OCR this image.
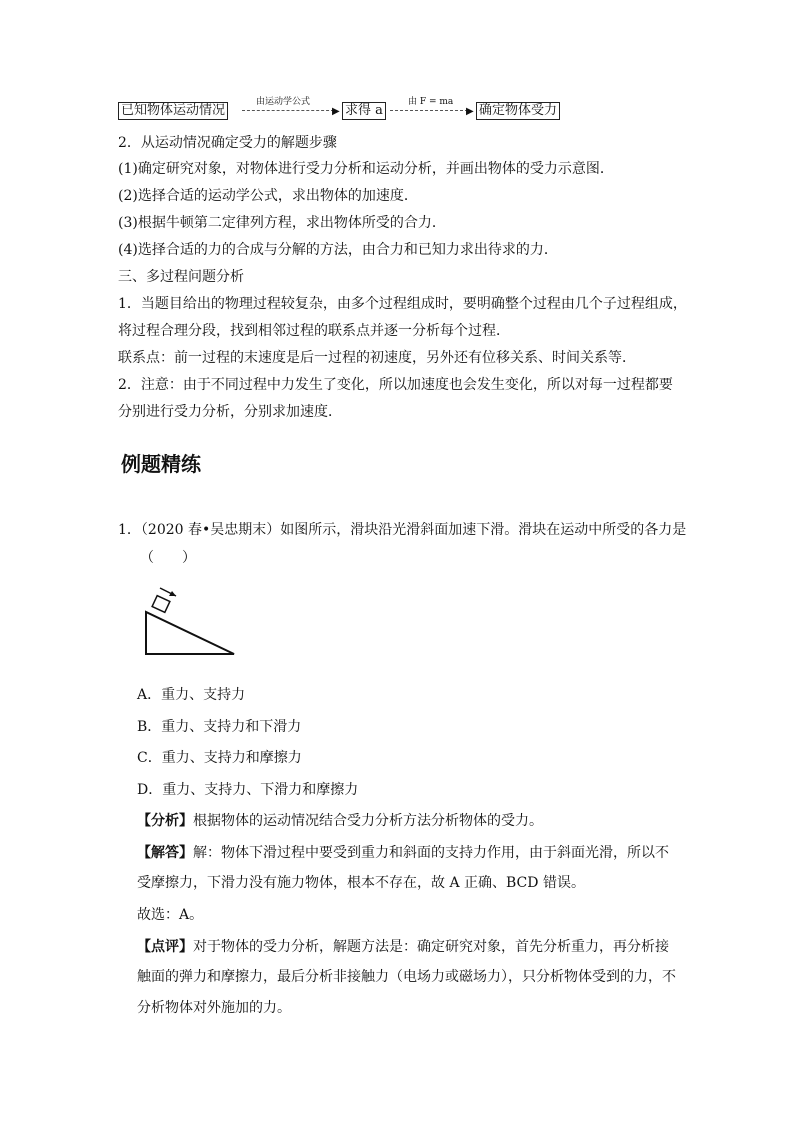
已知物体运动情况
由运动学公式
▶ 求得 a
由 F = ma
▶ 确定物体受力
2．从运动情况确定受力的解题步骤
(1)确定研究对象，对物体进行受力分析和运动分析，并画出物体的受力示意图．
(2)选择合适的运动学公式，求出物体的加速度．
(3)根据牛顿第二定律列方程，求出物体所受的合力．
(4)选择合适的力的合成与分解的方法，由合力和已知力求出待求的力．
三、多过程问题分析
1．当题目给出的物理过程较复杂，由多个过程组成时，要明确整个过程由几个子过程组成，
将过程合理分段，找到相邻过程的联系点并逐一分析每个过程．
联系点：前一过程的末速度是后一过程的初速度，另外还有位移关系、时间关系等．
2．注意：由于不同过程中力发生了变化，所以加速度也会发生变化，所以对每一过程都要
分别进行受力分析，分别求加速度．
例题精练
1．（2020 春•吴忠期末）如图所示，滑块沿光滑斜面加速下滑。滑块在运动中所受的各力是
（　　）
A．重力、支持力
B．重力、支持力和下滑力
C．重力、支持力和摩擦力
D．重力、支持力、下滑力和摩擦力
【分析】根据物体的运动情况结合受力分析方法分析物体的受力。
【解答】解：物体下滑过程中要受到重力和斜面的支持力作用，由于斜面光滑，所以不
受摩擦力，下滑力没有施力物体，根本不存在，故 A 正确、BCD 错误。
故选：A。
【点评】对于物体的受力分析，解题方法是：确定研究对象，首先分析重力，再分析接
触面的弹力和摩擦力，最后分析非接触力（电场力或磁场力），只分析物体受到的力，不
分析物体对外施加的力。
